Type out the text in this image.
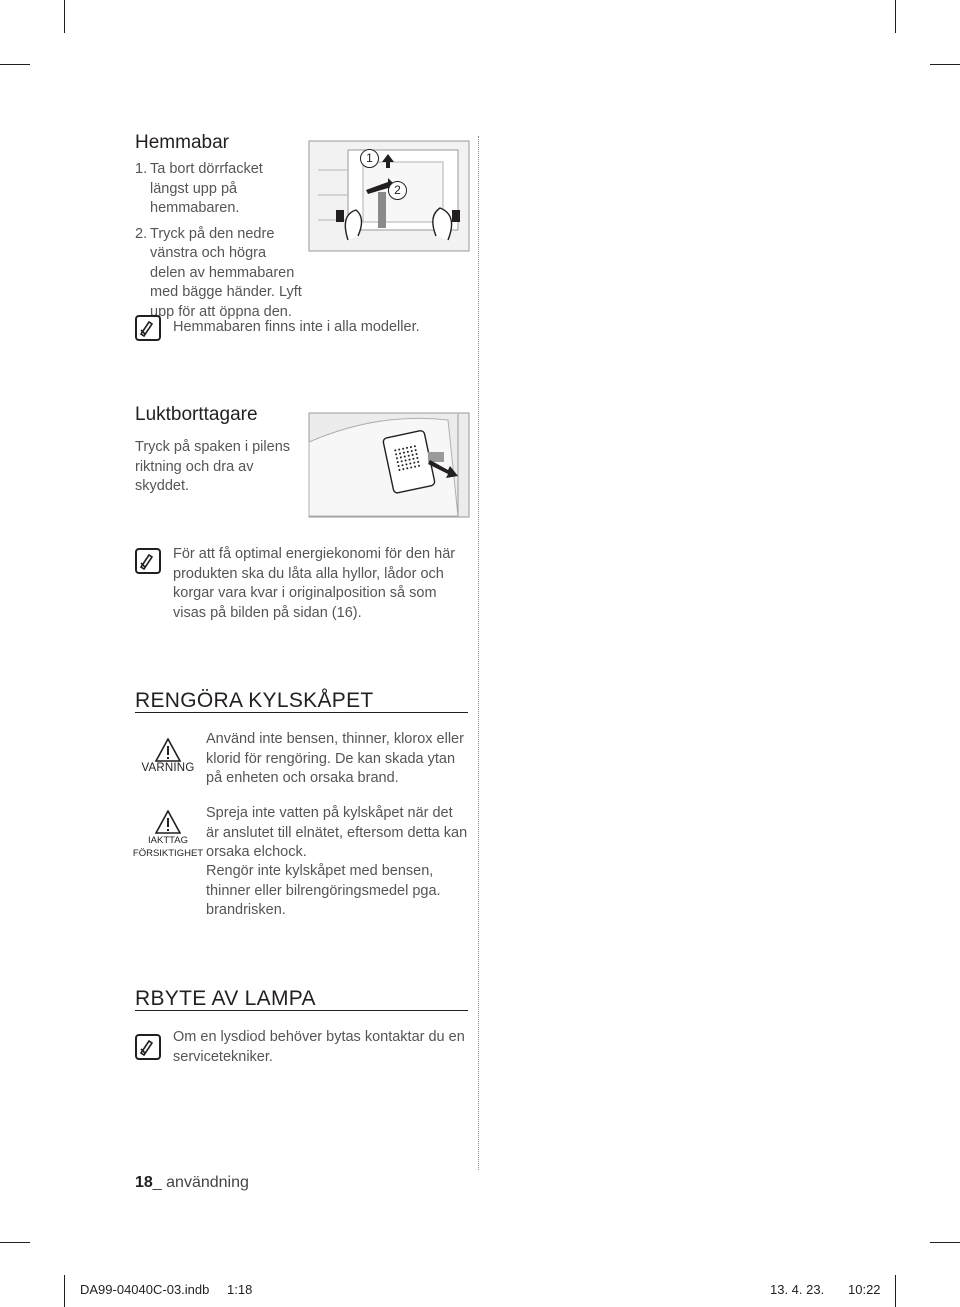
Hemmabar
1. Ta bort dörrfacket längst upp på hemmabaren.
2. Tryck på den nedre vänstra och högra delen av hemmabaren med bägge händer. Lyft upp för att öppna den.
1
2
Hemmabaren finns inte i alla modeller.
Luktborttagare
Tryck på spaken i pilens riktning och dra av skyddet.
För att få optimal energiekonomi för den här produkten ska du låta alla hyllor, lådor och korgar vara kvar i originalposition så som visas på bilden på sidan (16).
RENGÖRA KYLSKÅPET
VARNING
Använd inte bensen, thinner, klorox eller klorid för rengöring. De kan skada ytan på enheten och orsaka brand.
IAKTTAG
FÖRSIKTIGHET
Spreja inte vatten på kylskåpet när det är anslutet till elnätet, eftersom detta kan orsaka elchock.
Rengör inte kylskåpet med bensen, thinner eller bilrengöringsmedel pga. brandrisken.
RBYTE AV LAMPA
Om en lysdiod behöver bytas kontaktar du en servicetekniker.
18_ användning
DA99-04040C-03.indb 1:18	13. 4. 23. 10:22
